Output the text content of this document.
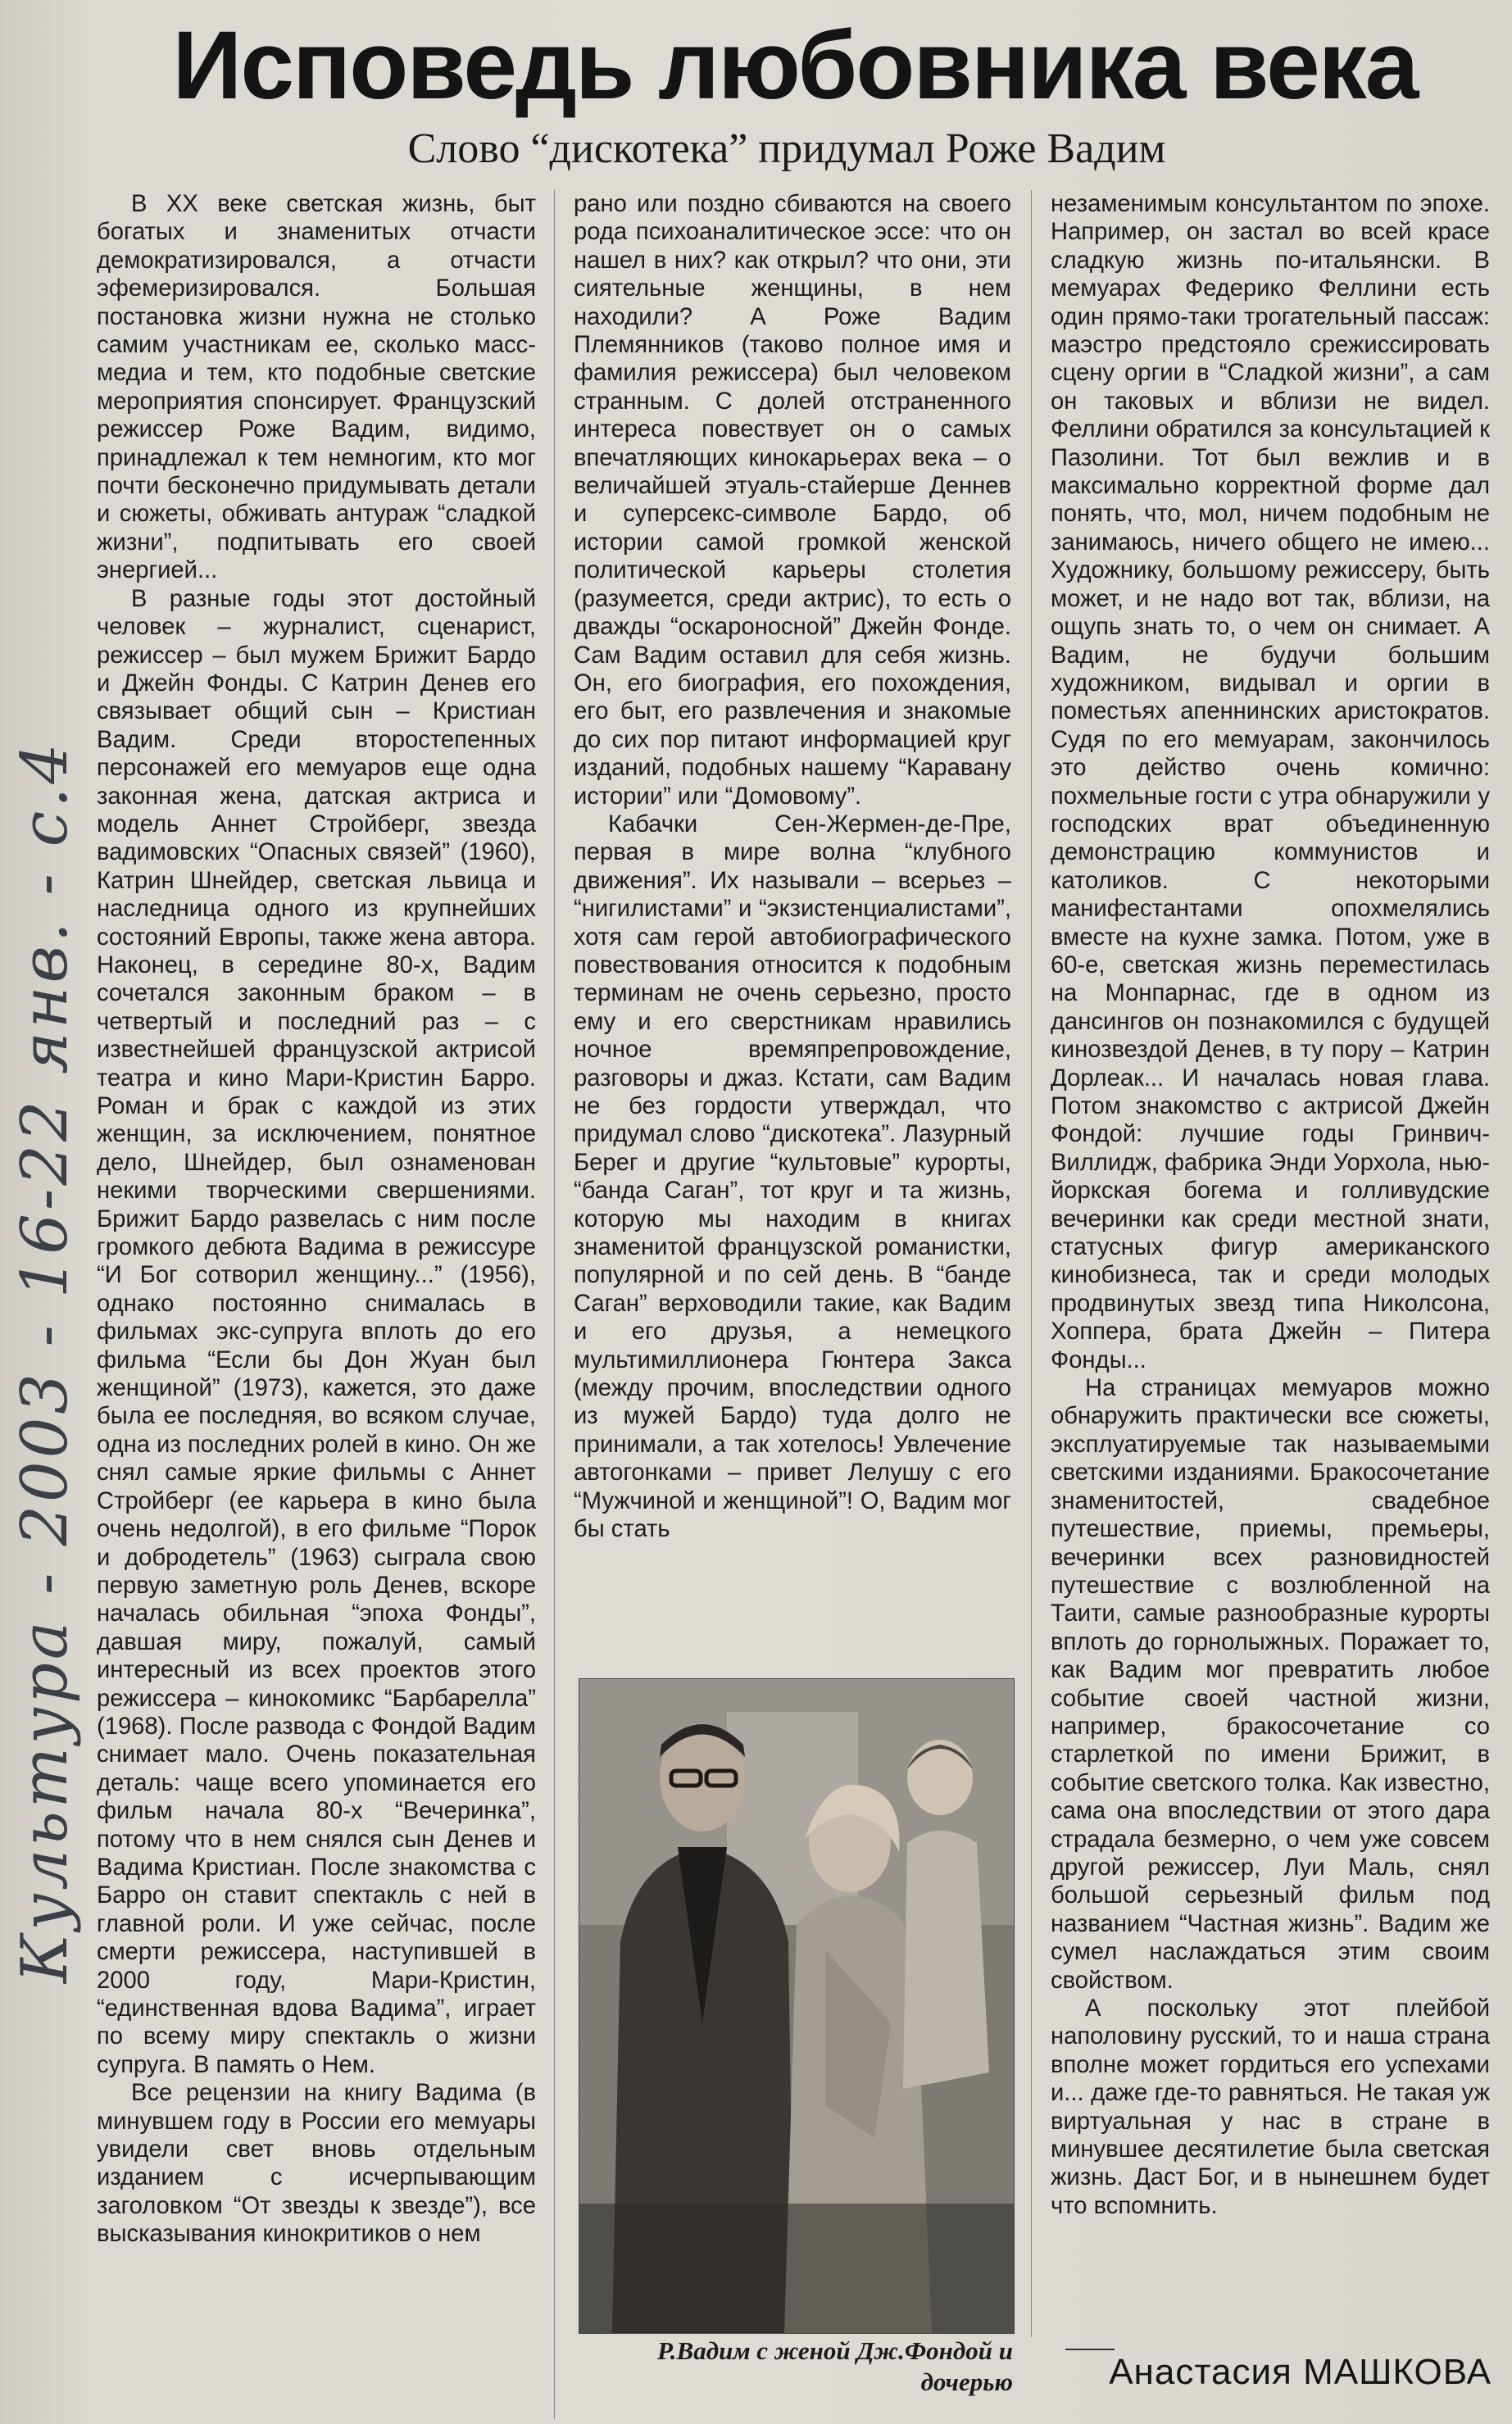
Исповедь любовника века
Слово “дискотека” придумал Роже Вадим
Культура - 2003 - 16-22 янв. - с.4

В XX веке светская жизнь, быт богатых и знаменитых отчасти демократизировался, а отчасти эфемеризировался. Большая постановка жизни нужна не столько самим участникам ее, сколько масс-медиа и тем, кто подобные светские мероприятия спонсирует. Французский режиссер Роже Вадим, видимо, принадлежал к тем немногим, кто мог почти бесконечно придумывать детали и сюжеты, обживать антураж “сладкой жизни”, подпитывать его своей энергией...

В разные годы этот достойный человек – журналист, сценарист, режиссер – был мужем Брижит Бардо и Джейн Фонды. С Катрин Денев его связывает общий сын – Кристиан Вадим. Среди второстепенных персонажей его мемуаров еще одна законная жена, датская актриса и модель Аннет Стройберг, звезда вадимовских “Опасных связей” (1960), Катрин Шнейдер, светская львица и наследница одного из крупнейших состояний Европы, также жена автора. Наконец, в середине 80-х, Вадим сочетался законным браком – в четвертый и последний раз – с известнейшей французской актрисой театра и кино Мари-Кристин Барро. Роман и брак с каждой из этих женщин, за исключением, понятное дело, Шнейдер, был ознаменован некими творческими свершениями. Брижит Бардо развелась с ним после громкого дебюта Вадима в режиссуре “И Бог сотворил женщину...” (1956), однако постоянно снималась в фильмах экс-супруга вплоть до его фильма “Если бы Дон Жуан был женщиной” (1973), кажется, это даже была ее последняя, во всяком случае, одна из последних ролей в кино. Он же снял самые яркие фильмы с Аннет Стройберг (ее карьера в кино была очень недолгой), в его фильме “Порок и добродетель” (1963) сыграла свою первую заметную роль Денев, вскоре началась обильная “эпоха Фонды”, давшая миру, пожалуй, самый интересный из всех проектов этого режиссера – кинокомикс “Барбарелла” (1968). После развода с Фондой Вадим снимает мало. Очень показательная деталь: чаще всего упоминается его фильм начала 80-х “Вечеринка”, потому что в нем снялся сын Денев и Вадима Кристиан. После знакомства с Барро он ставит спектакль с ней в главной роли. И уже сейчас, после смерти режиссера, наступившей в 2000 году, Мари-Кристин, “единственная вдова Вадима”, играет по всему миру спектакль о жизни супруга. В память о Нем.

Все рецензии на книгу Вадима (в минувшем году в России его мемуары увидели свет вновь отдельным изданием с исчерпывающим заголовком “От звезды к звезде”), все высказывания кинокритиков о нем

рано или поздно сбиваются на своего рода психоаналитическое эссе: что он нашел в них? как открыл? что они, эти сиятельные женщины, в нем находили? А Роже Вадим Племянников (таково полное имя и фамилия режиссера) был человеком странным. С долей отстраненного интереса повествует он о самых впечатляющих кинокарьерах века – о величайшей этуаль-стайерше Деннев и суперсекс-символе Бардо, об истории самой громкой женской политической карьеры столетия (разумеется, среди актрис), то есть о дважды “оскароносной” Джейн Фонде. Сам Вадим оставил для себя жизнь. Он, его биография, его похождения, его быт, его развлечения и знакомые до сих пор питают информацией круг изданий, подобных нашему “Каравану истории” или “Домовому”.

Кабачки Сен-Жермен-де-Пре, первая в мире волна “клубного движения”. Их называли – всерьез – “нигилистами” и “экзистенциалистами”, хотя сам герой автобиографического повествования относится к подобным терминам не очень серьезно, просто ему и его сверстникам нравились ночное времяпрепровождение, разговоры и джаз. Кстати, сам Вадим не без гордости утверждал, что придумал слово “дискотека”. Лазурный Берег и другие “культовые” курорты, “банда Саган”, тот круг и та жизнь, которую мы находим в книгах знаменитой французской романистки, популярной и по сей день. В “банде Саган” верховодили такие, как Вадим и его друзья, а немецкого мультимиллионера Гюнтера Закса (между прочим, впоследствии одного из мужей Бардо) туда долго не принимали, а так хотелось! Увлечение автогонками – привет Лелушу с его “Мужчиной и женщиной”! О, Вадим мог бы стать

Р.Вадим с женой Дж.Фондой и дочерью

незаменимым консультантом по эпохе. Например, он застал во всей красе сладкую жизнь по-итальянски. В мемуарах Федерико Феллини есть один прямо-таки трогательный пассаж: маэстро предстояло срежиссировать сцену оргии в “Сладкой жизни”, а сам он таковых и вблизи не видел. Феллини обратился за консультацией к Пазолини. Тот был вежлив и в максимально корректной форме дал понять, что, мол, ничем подобным не занимаюсь, ничего общего не имею... Художнику, большому режиссеру, быть может, и не надо вот так, вблизи, на ощупь знать то, о чем он снимает. А Вадим, не будучи большим художником, видывал и оргии в поместьях апеннинских аристократов. Судя по его мемуарам, закончилось это действо очень комично: похмельные гости с утра обнаружили у господских врат объединенную демонстрацию коммунистов и католиков. С некоторыми манифестантами опохмелялись вместе на кухне замка. Потом, уже в 60-е, светская жизнь переместилась на Монпарнас, где в одном из дансингов он познакомился с будущей кинозвездой Денев, в ту пору – Катрин Дорлеак... И началась новая глава. Потом знакомство с актрисой Джейн Фондой: лучшие годы Гринвич-Виллидж, фабрика Энди Уорхола, нью-йоркская богема и голливудские вечеринки как среди местной знати, статусных фигур американского кинобизнеса, так и среди молодых продвинутых звезд типа Николсона, Хоппера, брата Джейн – Питера Фонды...

На страницах мемуаров можно обнаружить практически все сюжеты, эксплуатируемые так называемыми светскими изданиями. Бракосочетание знаменитостей, свадебное путешествие, приемы, премьеры, вечеринки всех разновидностей путешествие с возлюбленной на Таити, самые разнообразные курорты вплоть до горнолыжных. Поражает то, как Вадим мог превратить любое событие своей частной жизни, например, бракосочетание со старлеткой по имени Брижит, в событие светского толка. Как известно, сама она впоследствии от этого дара страдала безмерно, о чем уже совсем другой режиссер, Луи Маль, снял большой серьезный фильм под названием “Частная жизнь”. Вадим же сумел наслаждаться этим своим свойством.

А поскольку этот плейбой наполовину русский, то и наша страна вполне может гордиться его успехами и... даже где-то равняться. Не такая уж виртуальная у нас в стране в минувшее десятилетие была светская жизнь. Даст Бог, и в нынешнем будет что вспомнить.

Анастасия МАШКОВА
